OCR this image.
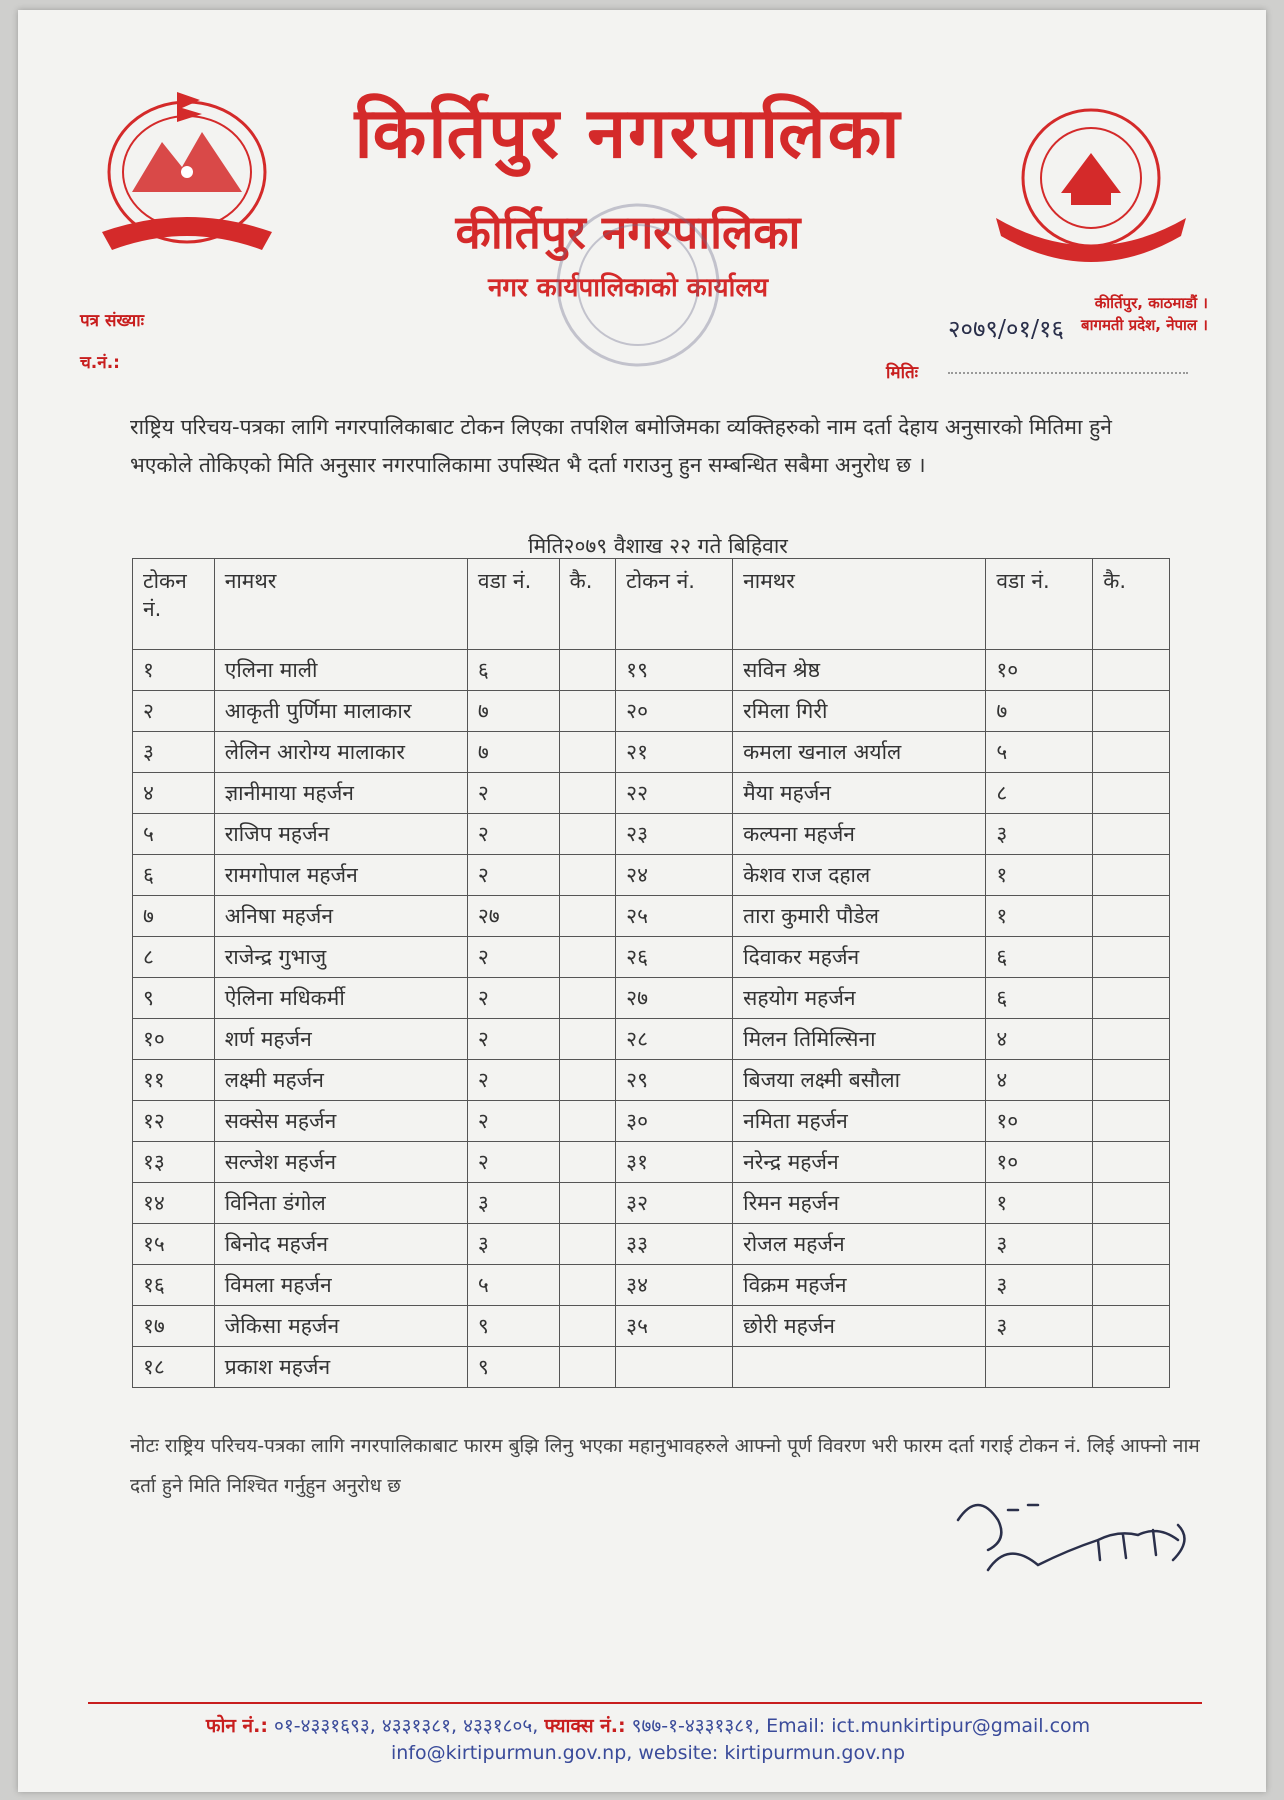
किर्तिपुर नगरपालिका
कीर्तिपुर नगरपालिका
नगर कार्यपालिकाको कार्यालय	कीर्तिपुर, काठमाडौं ।
बागमती प्रदेश, नेपाल ।
पत्र संख्याः
च.नं.:	मितिः
२०७९/०१/१६
राष्ट्रिय परिचय-पत्रका लागि नगरपालिकाबाट टोकन लिएका तपशिल बमोजिमका व्यक्तिहरुको नाम दर्ता देहाय अनुसारको मितिमा हुने भएकोले तोकिएको मिति अनुसार नगरपालिकामा उपस्थित भै दर्ता गराउनु हुन सम्बन्धित सबैमा अनुरोध छ ।
मिति२०७९ वैशाख २२ गते बिहिवार
टोकन नं.	नामथर	वडा नं.	कै.	टोकन नं.	नामथर	वडा नं.	कै.
१	एलिना माली	६		१९	सविन श्रेष्ठ	१०	
२	आकृती पुर्णिमा मालाकार	७		२०	रमिला गिरी	७	
३	लेलिन आरोग्य मालाकार	७		२१	कमला खनाल अर्याल	५	
४	ज्ञानीमाया महर्जन	२		२२	मैया महर्जन	८	
५	राजिप महर्जन	२		२३	कल्पना महर्जन	३	
६	रामगोपाल महर्जन	२		२४	केशव राज दहाल	१	
७	अनिषा महर्जन	२७		२५	तारा कुमारी पौडेल	१	
८	राजेन्द्र गुभाजु	२		२६	दिवाकर महर्जन	६	
९	ऐलिना मधिकर्मी	२		२७	सहयोग महर्जन	६	
१०	शर्ण महर्जन	२		२८	मिलन तिमिल्सिना	४	
११	लक्ष्मी महर्जन	२		२९	बिजया लक्ष्मी बसौला	४	
१२	सक्सेस महर्जन	२		३०	नमिता महर्जन	१०	
१३	सल्जेश महर्जन	२		३१	नरेन्द्र महर्जन	१०	
१४	विनिता डंगोल	३		३२	रिमन महर्जन	१	
१५	बिनोद महर्जन	३		३३	रोजल महर्जन	३	
१६	विमला महर्जन	५		३४	विक्रम महर्जन	३	
१७	जेकिसा महर्जन	९		३५	छोरी महर्जन	३	
१८	प्रकाश महर्जन	९					
नोटः राष्ट्रिय परिचय-पत्रका लागि नगरपालिकाबाट फारम बुझि लिनु भएका महानुभावहरुले आफ्नो पूर्ण विवरण भरी फारम दर्ता गराई टोकन नं. लिई आफ्नो नाम दर्ता हुने मिति निश्चित गर्नुहुन अनुरोध छ
फोन नं.: ०१-४३३१६९३, ४३३१३८१, ४३३१८०५, फ्याक्स नं.: ९७७-१-४३३१३८१, Email: ict.munkirtipur@gmail.com
info@kirtipurmun.gov.np, website: kirtipurmun.gov.np
